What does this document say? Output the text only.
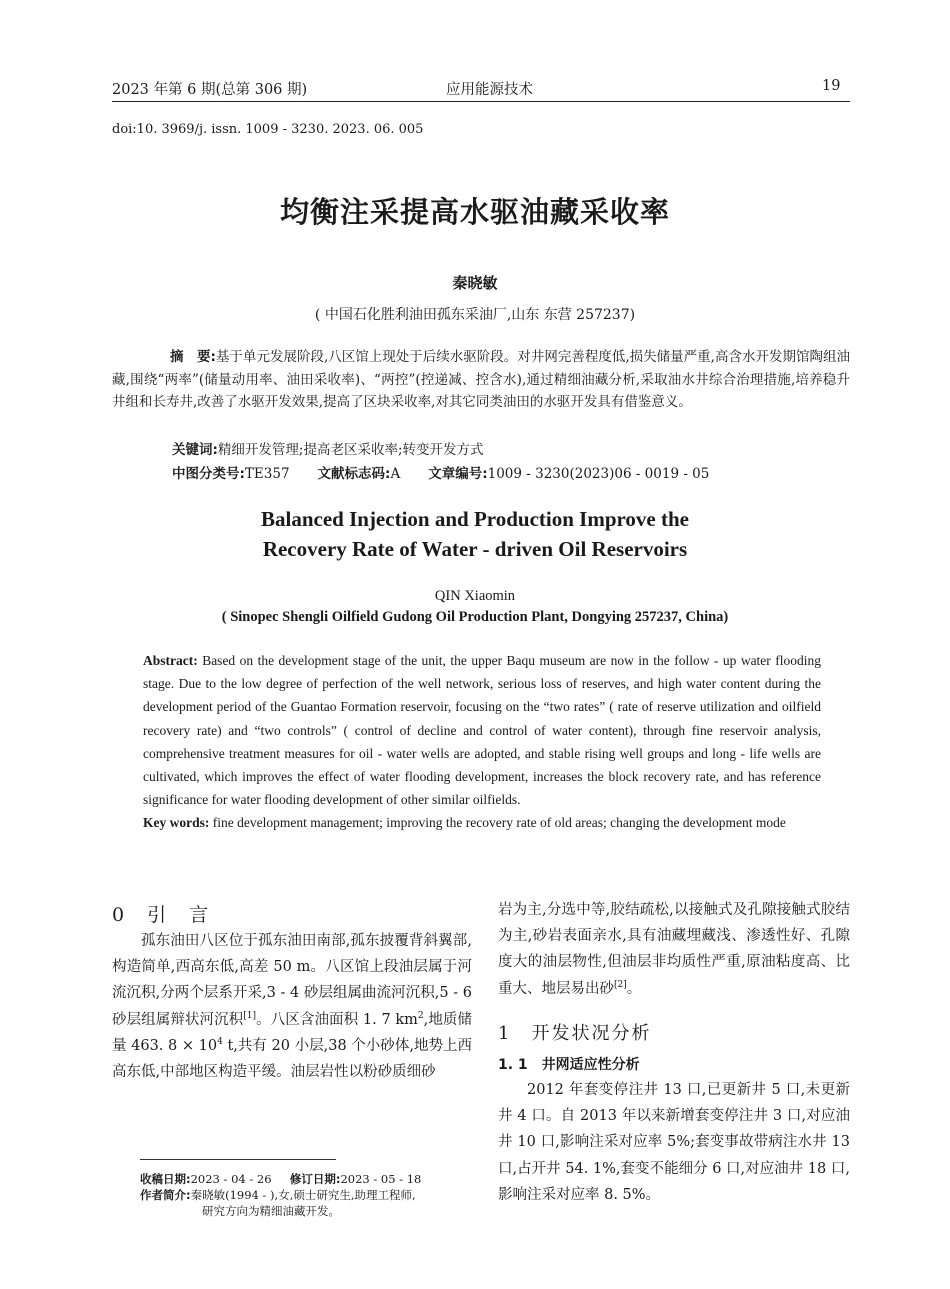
2023 年第 6 期(总第 306 期)	应用能源技术	19
doi:10. 3969/j. issn. 1009 - 3230. 2023. 06. 005
均衡注采提高水驱油藏采收率
秦晓敏
( 中国石化胜利油田孤东采油厂,山东 东营 257237)
摘　要:基于单元发展阶段,八区馆上现处于后续水驱阶段。对井网完善程度低,损失储量严重,高含水开发期馆陶组油藏,围绕“两率”(储量动用率、油田采收率)、“两控”(控递减、控含水),通过精细油藏分析,采取油水井综合治理措施,培养稳升井组和长寿井,改善了水驱开发效果,提高了区块采收率,对其它同类油田的水驱开发具有借鉴意义。
关键词:精细开发管理;提高老区采收率;转变开发方式
中图分类号:TE357 文献标志码:A 文章编号:1009 - 3230(2023)06 - 0019 - 05
Balanced Injection and Production Improve the
Recovery Rate of Water - driven Oil Reservoirs
QIN Xiaomin
( Sinopec Shengli Oilfield Gudong Oil Production Plant, Dongying 257237, China)
Abstract: Based on the development stage of the unit, the upper Baqu museum are now in the follow - up water flooding stage. Due to the low degree of perfection of the well network, serious loss of reserves, and high water content during the development period of the Guantao Formation reservoir, focusing on the “two rates” ( rate of reserve utilization and oilfield recovery rate) and “two controls” ( control of decline and control of water content), through fine reservoir analysis, comprehensive treatment measures for oil - water wells are adopted, and stable rising well groups and long - life wells are cultivated, which improves the effect of water flooding development, increases the block recovery rate, and has reference significance for water flooding development of other similar oilfields.
Key words: fine development management; improving the recovery rate of old areas; changing the development mode
0　引　言

孤东油田八区位于孤东油田南部,孤东披覆背斜翼部,构造简单,西高东低,高差 50 m。八区馆上段油层属于河流沉积,分两个层系开采,3 - 4 砂层组属曲流河沉积,5 - 6 砂层组属辩状河沉积[1]。八区含油面积 1. 7 $km^2$,地质储量 463. $8 \times 10^4$ t,共有 20 小层,38 个小砂体,地势上西高东低,中部地区构造平缓。油层岩性以粉砂质细砂

岩为主,分选中等,胶结疏松,以接触式及孔隙接触式胶结为主,砂岩表面亲水,具有油藏埋藏浅、渗透性好、孔隙度大的油层物性,但油层非均质性严重,原油粘度高、比重大、地层易出砂[2]。

1　开发状况分析
1. 1　井网适应性分析

2012 年套变停注井 13 口,已更新井 5 口,未更新井 4 口。自 2013 年以来新增套变停注井 3 口,对应油井 10 口,影响注采对应率 5%;套变事故带病注水井 13 口,占开井 54. 1%,套变不能细分 6 口,对应油井 18 口,影响注采对应率 8. 5%。

收稿日期:2023 - 04 - 26 修订日期:2023 - 05 - 18
作者简介:秦晓敏(1994 - ),女,硕士研究生,助理工程师,
研究方向为精细油藏开发。
